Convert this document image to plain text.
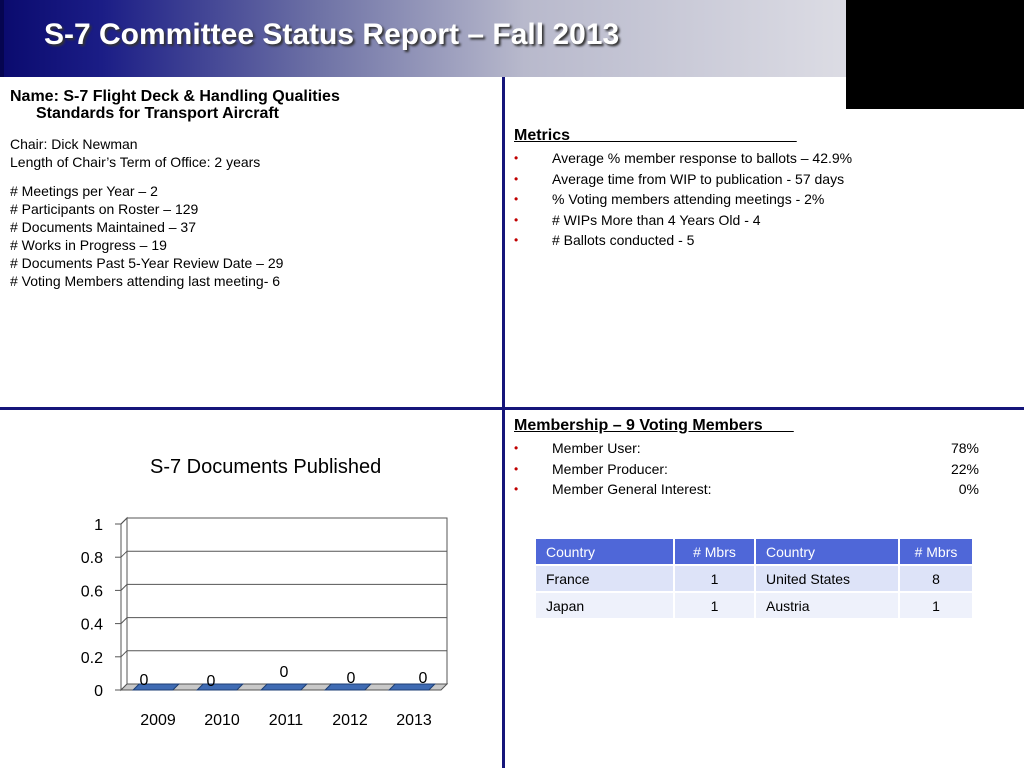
S-7 Committee Status Report – Fall 2013
Name: S-7 Flight Deck & Handling Qualities
Standards for Transport Aircraft

Chair: Dick Newman

Length of Chair’s Term of Office: 2 years

# Meetings per Year – 2

# Participants on Roster – 129

# Documents Maintained – 37

# Works in Progress – 19

# Documents Past 5-Year Review Date – 29

# Voting Members attending last meeting- 6

Metrics
• Average % member response to ballots – 42.9%
• Average time from WIP to publication - 57 days
• % Voting members attending meetings - 2%
• # WIPs More than 4 Years Old - 4
• # Ballots conducted - 5
Membership – 9 Voting Members
• Member User:	78%
• Member Producer:	22%
• Member General Interest:	0%
Country	# Mbrs	Country	# Mbrs
France	1	United States	8
Japan	1	Austria	1
S-7 Documents Published
0
0.2
0.4
0.6
0.8
1
0
2009
0
2010
0
2011
0
2012
0
2013
